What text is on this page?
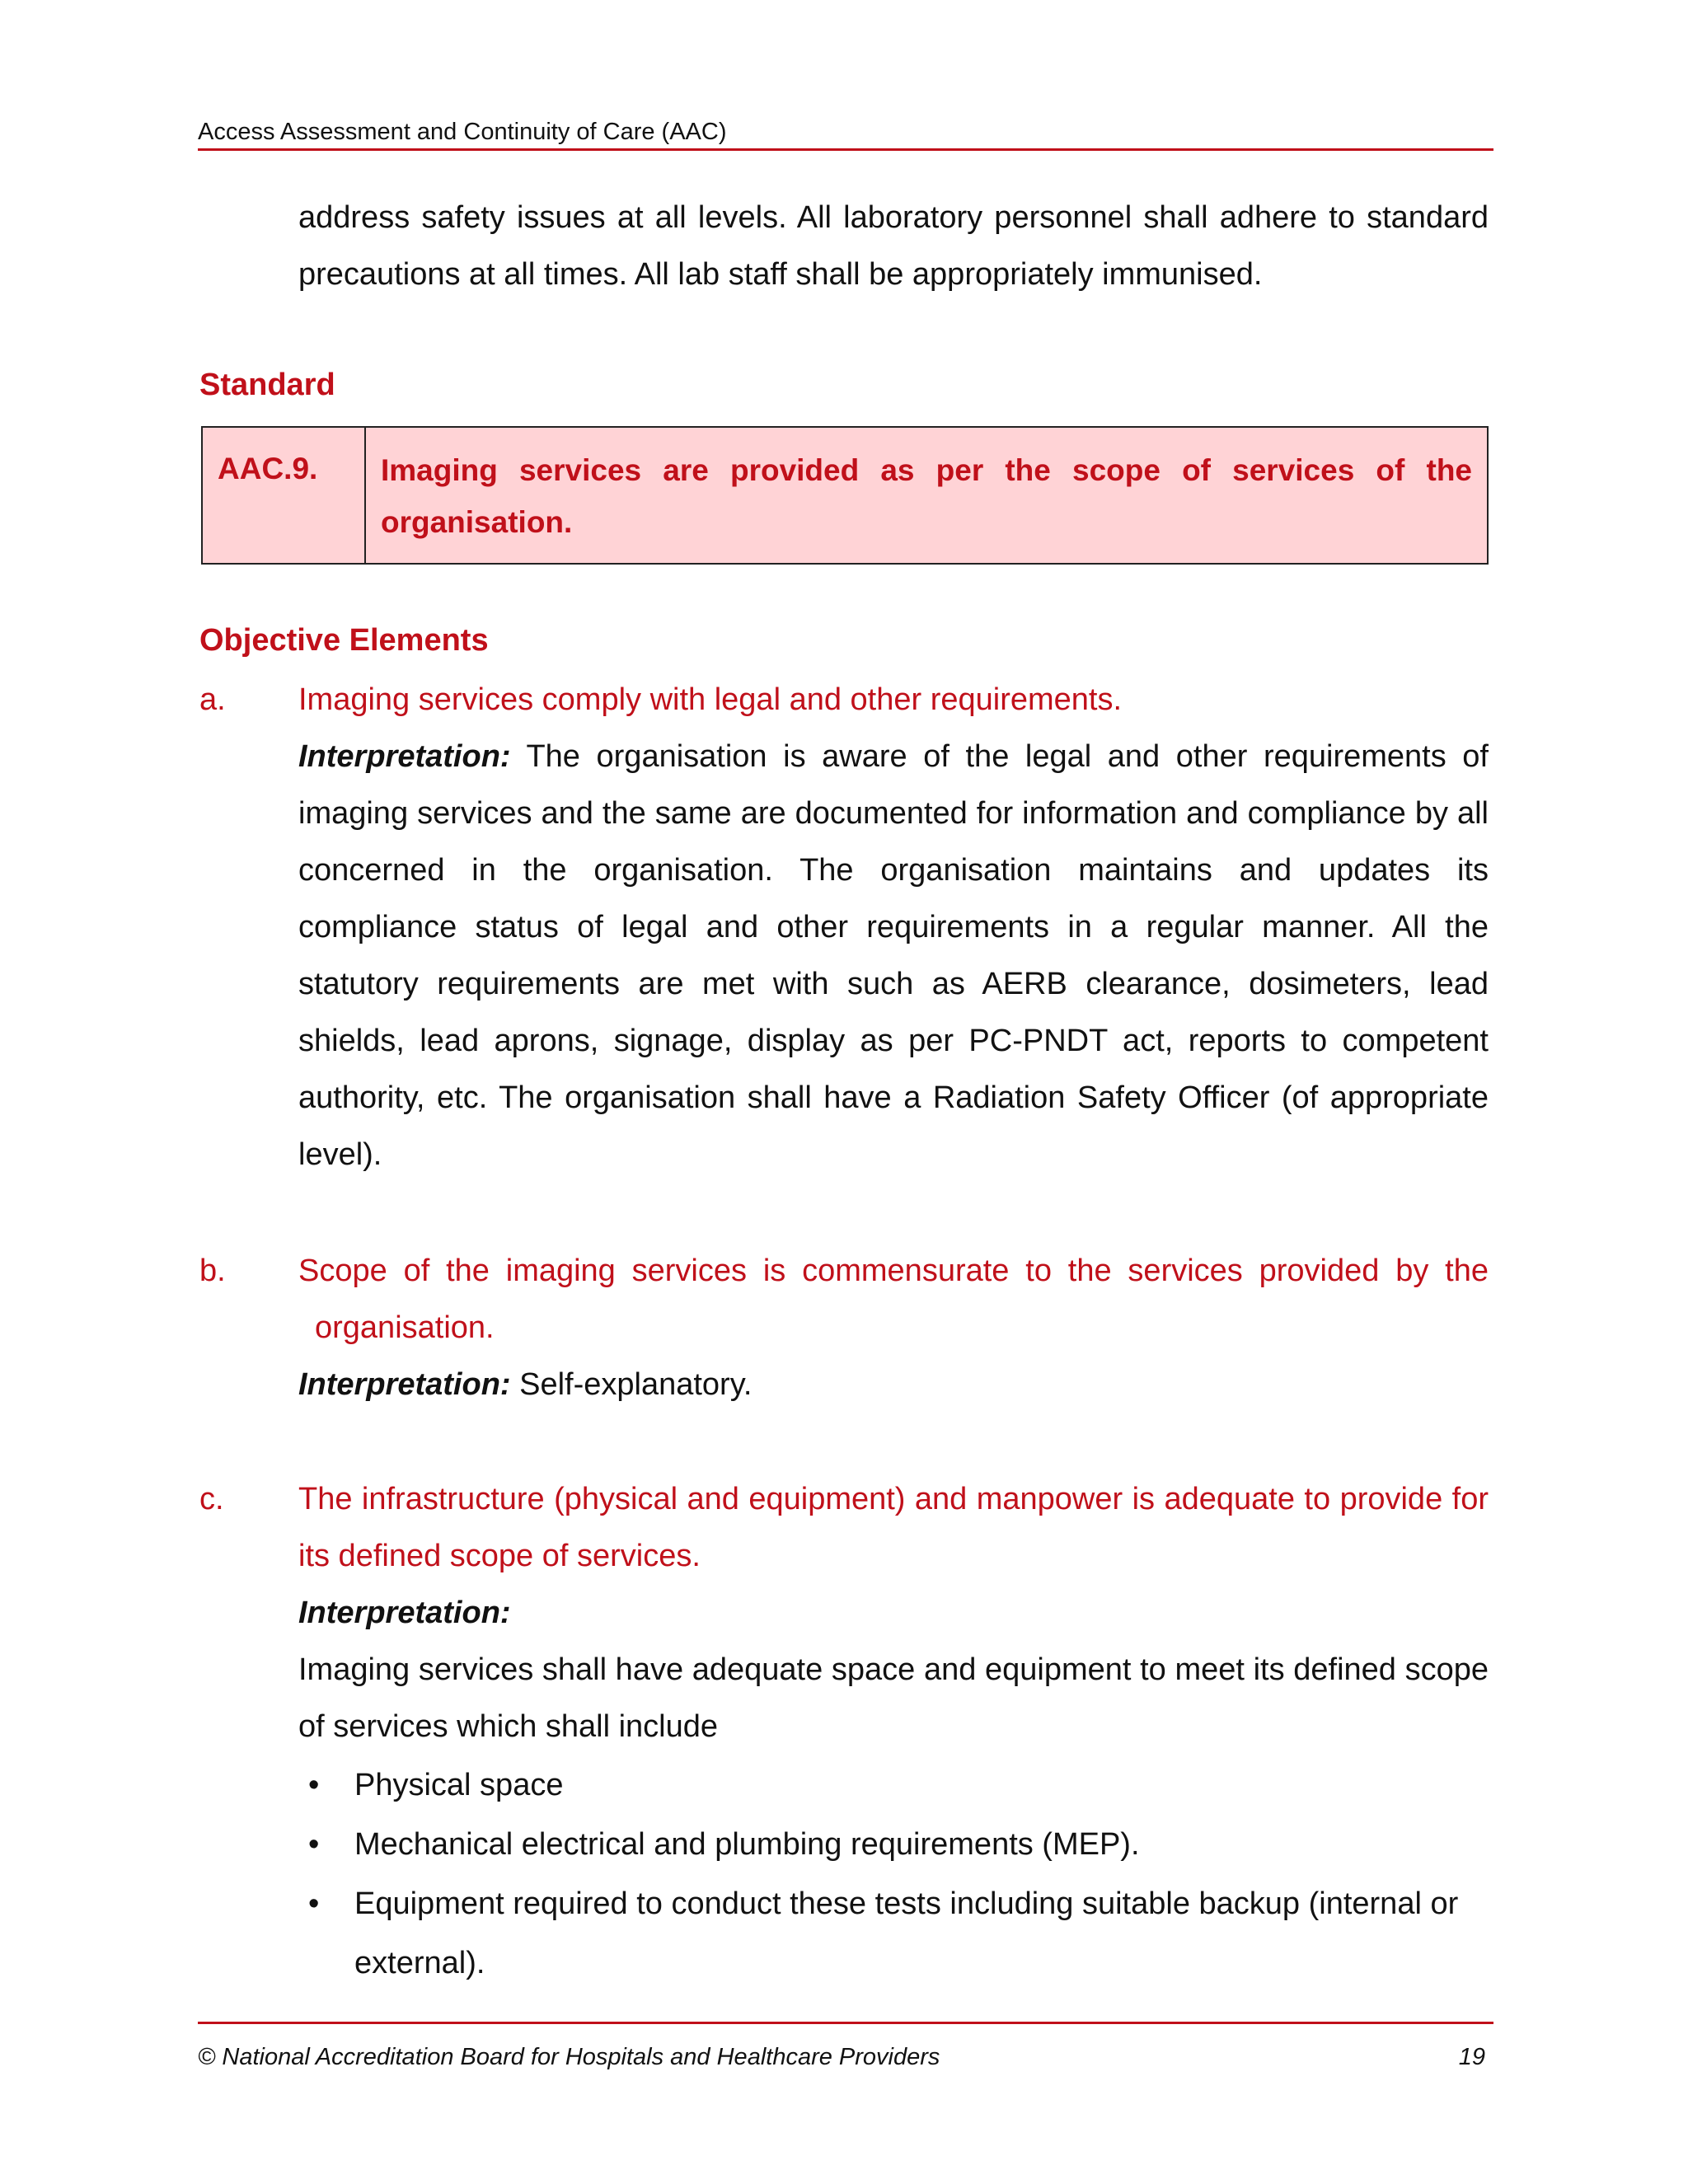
Access Assessment and Continuity of Care (AAC)
address safety issues at all levels. All laboratory personnel shall adhere to standard precautions at all times. All lab staff shall be appropriately immunised.
Standard
AAC.9.	Imaging services are provided as per the scope of services of the organisation.
Objective Elements
a. Imaging services comply with legal and other requirements.
Interpretation: The organisation is aware of the legal and other requirements of imaging services and the same are documented for information and compliance by all concerned in the organisation. The organisation maintains and updates its compliance status of legal and other requirements in a regular manner. All the statutory requirements are met with such as AERB clearance, dosimeters, lead shields, lead aprons, signage, display as per PC-PNDT act, reports to competent authority, etc. The organisation shall have a Radiation Safety Officer (of appropriate level).
b. Scope of the imaging services is commensurate to the services provided by the
organisation.
Interpretation: Self-explanatory.
c. The infrastructure (physical and equipment) and manpower is adequate to provide for its defined scope of services.
Interpretation:
Imaging services shall have adequate space and equipment to meet its defined scope of services which shall include
• Physical space
• Mechanical electrical and plumbing requirements (MEP).
• Equipment required to conduct these tests including suitable backup (internal or external).
© National Accreditation Board for Hospitals and Healthcare Providers	19
